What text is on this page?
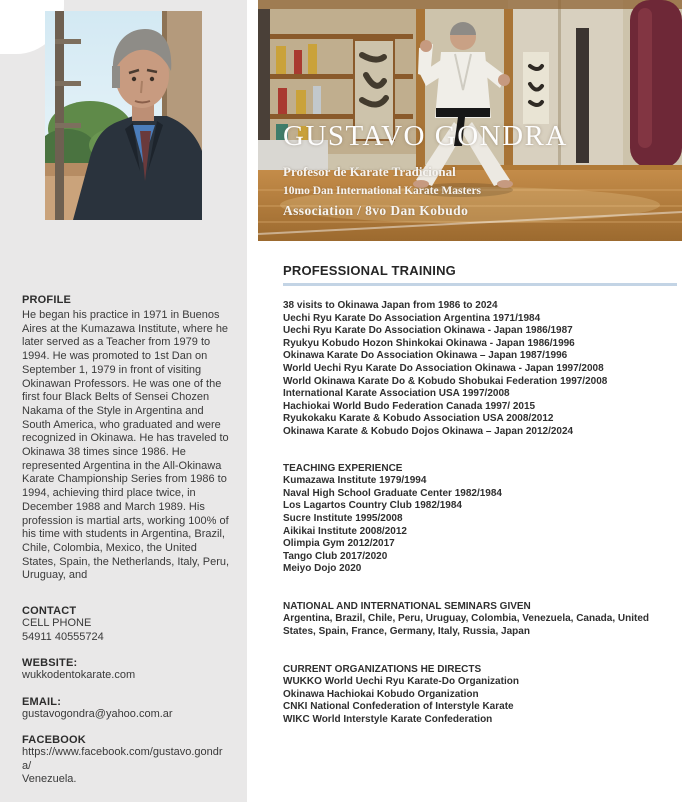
PROFILE

He began his practice in 1971 in Buenos Aires at the Kumazawa Institute, where he later served as a Teacher from 1979 to 1994. He was promoted to 1st Dan on September 1, 1979 in front of visiting Okinawan Professors. He was one of the first four Black Belts of Sensei Chozen Nakama of the Style in Argentina and South America, who graduated and were recognized in Okinawa. He has traveled to Okinawa 38 times since 1986. He represented Argentina in the All-Okinawa Karate Championship Series from 1986 to 1994, achieving third place twice, in December 1988 and March 1989. His profession is martial arts, working 100% of his time with students in Argentina, Brazil, Chile, Colombia, Mexico, the United States, Spain, the Netherlands, Italy, Peru, Uruguay, and

CONTACT
CELL PHONE
54911 40555724
WEBSITE:
wukkodentokarate.com
EMAIL:
gustavogondra@yahoo.com.ar
FACEBOOK
https://www.facebook.com/gustavo.gondra/
Venezuela.
GUSTAVO GONDRA

Profesor de Karate Tradicional

10mo Dan International Karate Masters

Association / 8vo Dan Kobudo

PROFESSIONAL TRAINING
38 visits to Okinawa Japan from 1986 to 2024
Uechi Ryu Karate Do Association Argentina 1971/1984
Uechi Ryu Karate Do Association Okinawa - Japan 1986/1987
Ryukyu Kobudo Hozon Shinkokai Okinawa - Japan 1986/1996
Okinawa Karate Do Association Okinawa – Japan 1987/1996
World Uechi Ryu Karate Do Association Okinawa - Japan 1997/2008
World Okinawa Karate Do & Kobudo Shobukai Federation 1997/2008
International Karate Association USA 1997/2008
Hachiokai World Budo Federation Canada 1997/ 2015
Ryukokaku Karate & Kobudo Association USA 2008/2012
Okinawa Karate & Kobudo Dojos Okinawa – Japan 2012/2024
TEACHING EXPERIENCE
Kumazawa Institute 1979/1994
Naval High School Graduate Center 1982/1984
Los Lagartos Country Club 1982/1984
Sucre Institute 1995/2008
Aikikai Institute 2008/2012
Olimpia Gym 2012/2017
Tango Club 2017/2020
Meiyo Dojo 2020
NATIONAL AND INTERNATIONAL SEMINARS GIVEN
Argentina, Brazil, Chile, Peru, Uruguay, Colombia, Venezuela, Canada, United States, Spain, France, Germany, Italy, Russia, Japan
CURRENT ORGANIZATIONS HE DIRECTS
WUKKO World Uechi Ryu Karate-Do Organization
Okinawa Hachiokai Kobudo Organization
CNKI National Confederation of Interstyle Karate
WIKC World Interstyle Karate Confederation
